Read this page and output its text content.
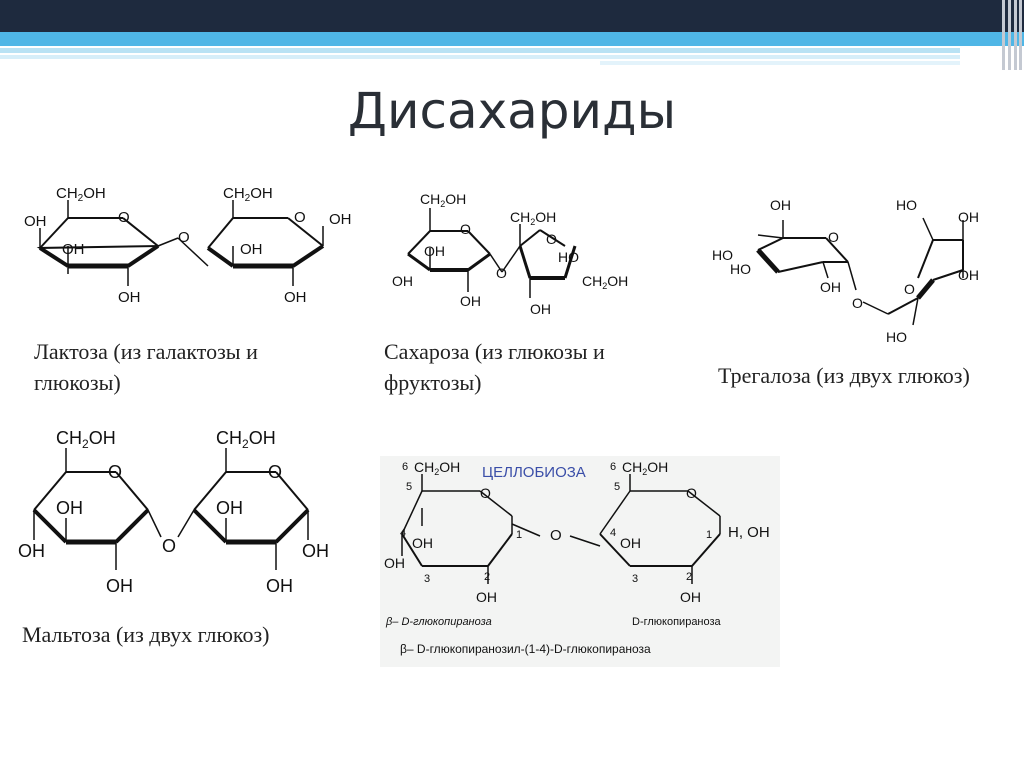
Дисахариды
$CH_2OH$
O
OH
OH
OH
O
$CH_2OH$
O OH
OH
OH

Лактоза (из галактозы и глюкозы)

$CH_2OH$
O
OH
OH
OH
O
$CH_2OH$
O
HO
$CH_2OH$
OH

Сахароза (из глюкозы и фруктозы)

OH
O
HO
HO
OH
O
HO
OH
OH
O
HO

Трегалоза (из двух глюкоз)

$CH_2OH$
O
OH
OH
OH
O
$CH_2OH$
O
OH
OH
OH

Мальтоза (из двух глюкоз)

6 $CH_2OH$
5	O
4
OH
OH
3	2
OH
1 O
6 $CH_2OH$
5	O
4
OH
3	2
OH
1
ЦЕЛЛОБИОЗА
H, OH
β– D-глюкопираноза	D-глюкопираноза
β– D-глюкопиранозил-(1-4)-D-глюкопираноза
